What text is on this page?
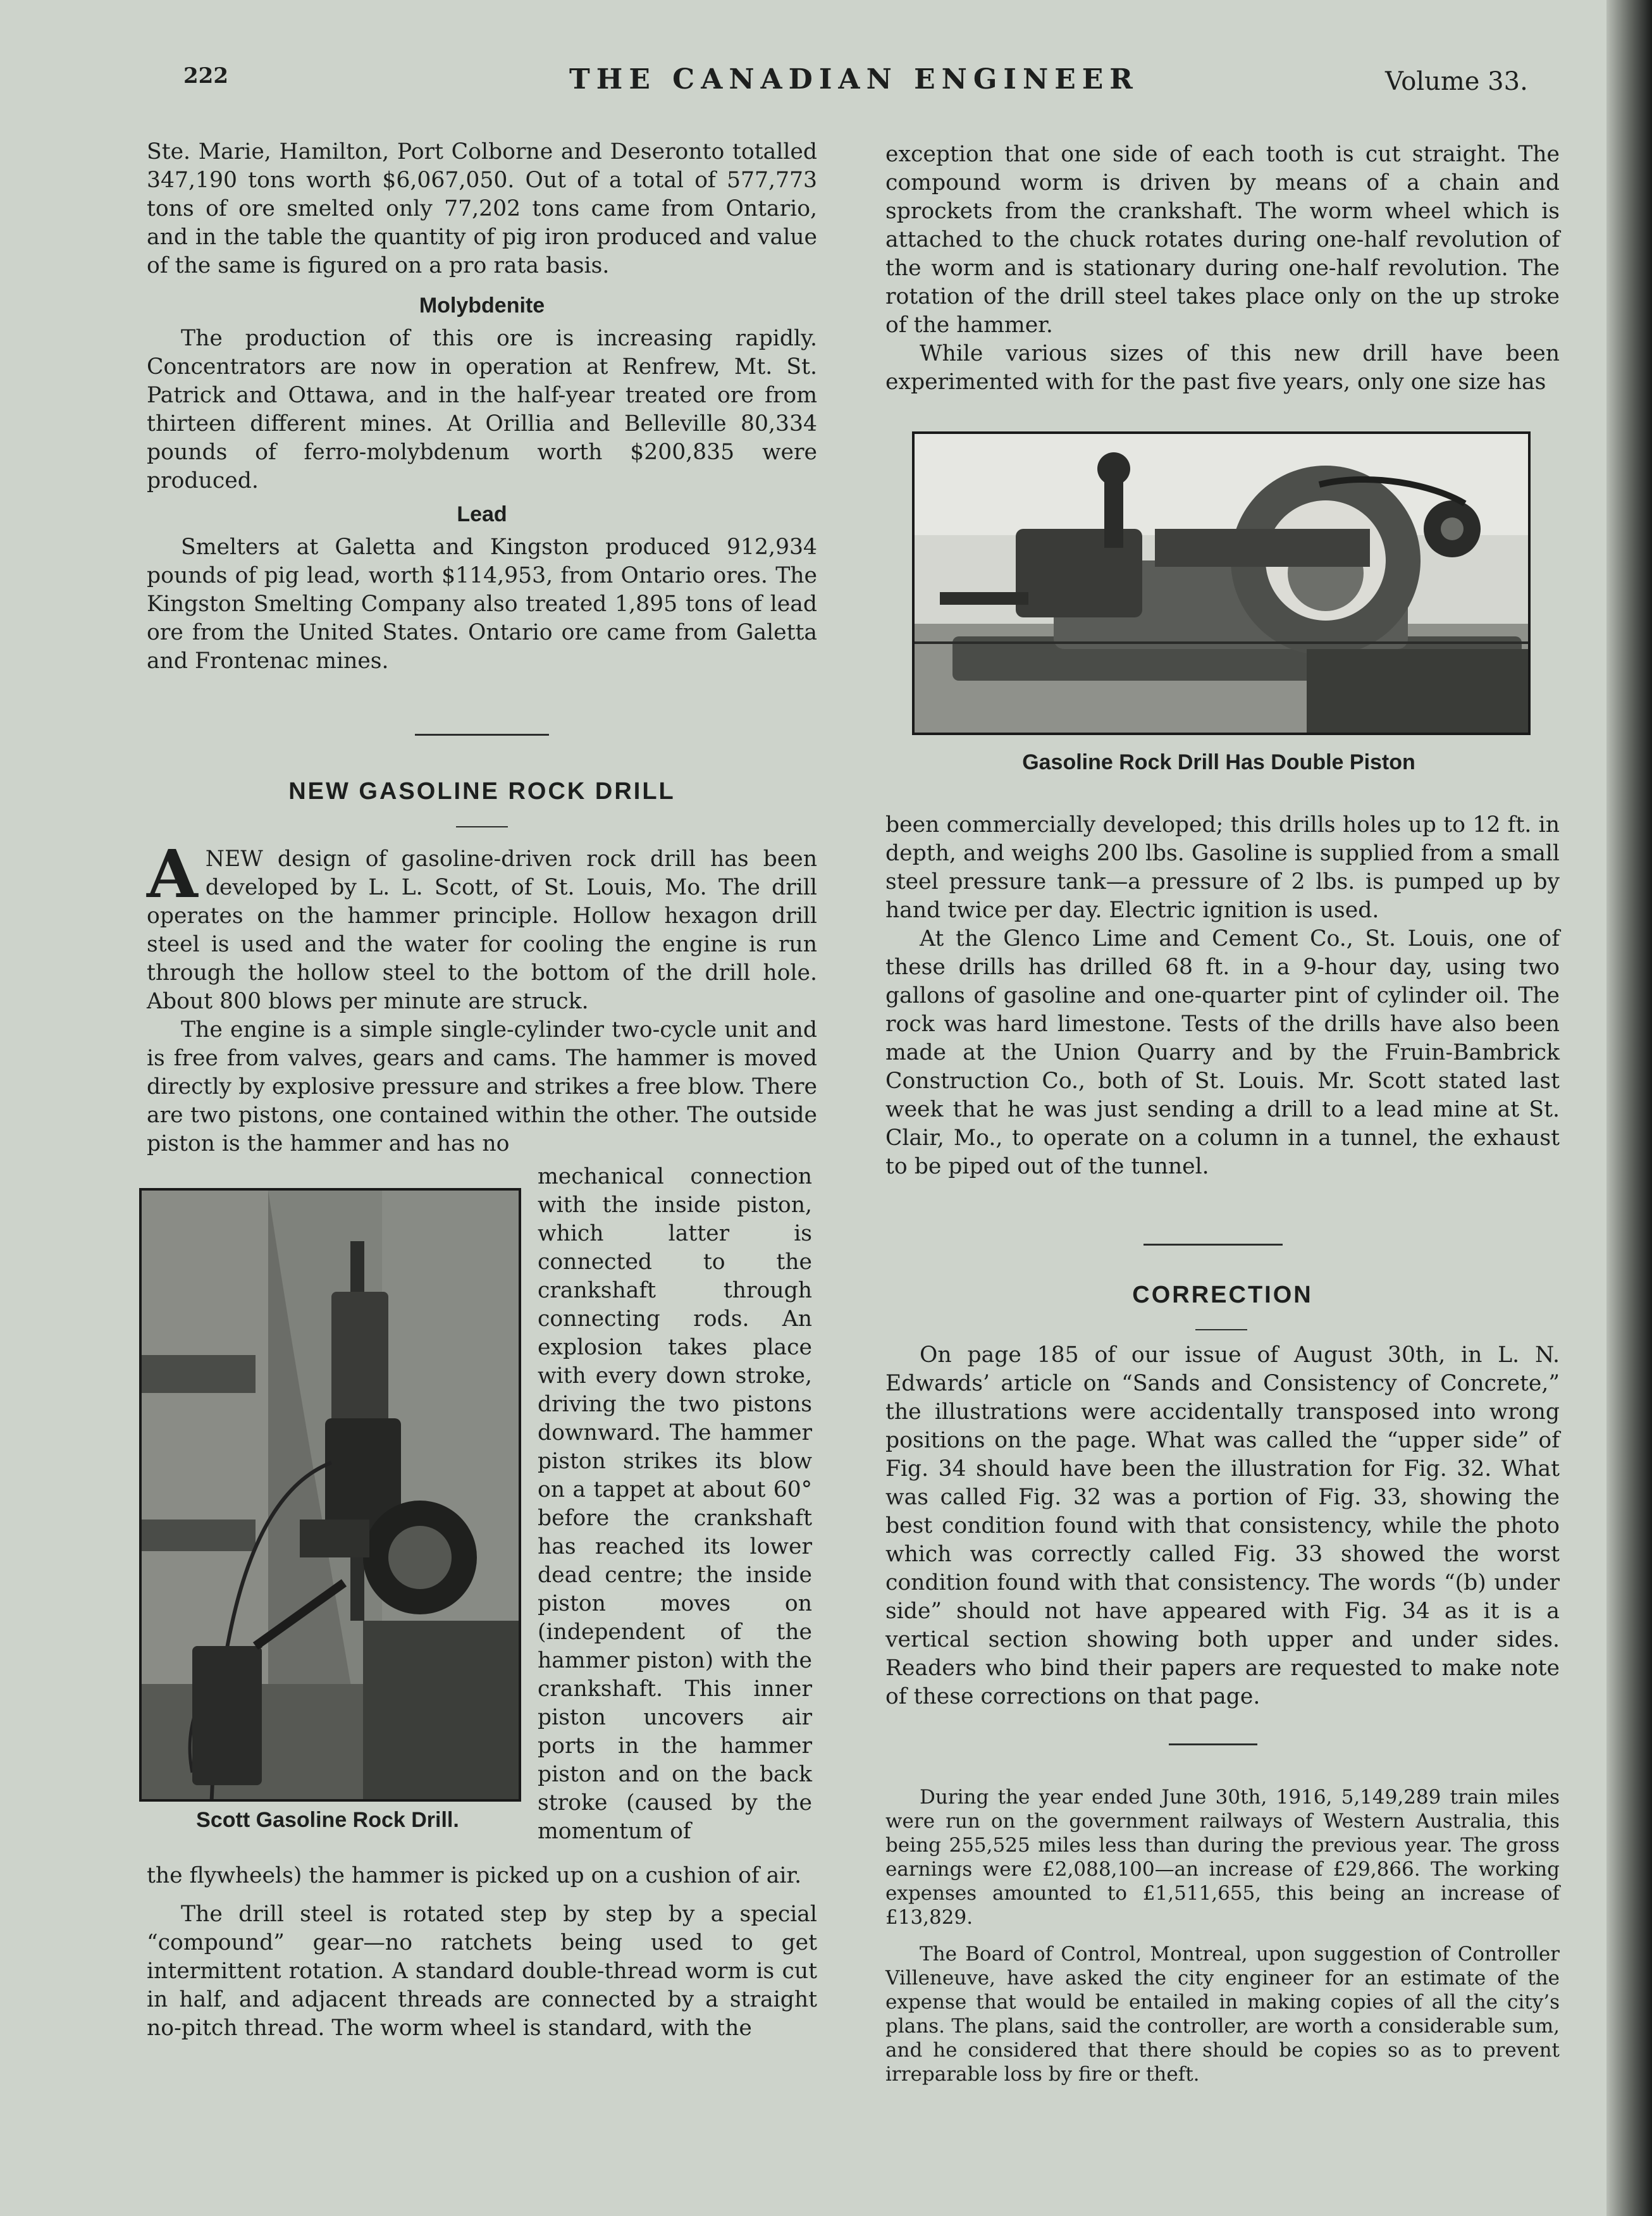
222	THE CANADIAN ENGINEER	Volume 33.

Ste. Marie, Hamilton, Port Colborne and Deseronto totalled 347,190 tons worth $6,067,050. Out of a total of 577,773 tons of ore smelted only 77,202 tons came from Ontario, and in the table the quantity of pig iron produced and value of the same is figured on a pro rata basis.

Molybdenite

The production of this ore is increasing rapidly. Concentrators are now in operation at Renfrew, Mt. St. Patrick and Ottawa, and in the half-year treated ore from thirteen different mines. At Orillia and Belleville 80,334 pounds of ferro-molybdenum worth $200,835 were produced.

Lead

Smelters at Galetta and Kingston produced 912,934 pounds of pig lead, worth $114,953, from Ontario ores. The Kingston Smelting Company also treated 1,895 tons of lead ore from the United States. Ontario ore came from Galetta and Frontenac mines.

NEW GASOLINE ROCK DRILL

ANEW design of gasoline-driven rock drill has been developed by L. L. Scott, of St. Louis, Mo. The drill operates on the hammer principle. Hollow hexagon drill steel is used and the water for cooling the engine is run through the hollow steel to the bottom of the drill hole. About 800 blows per minute are struck.

The engine is a simple single-cylinder two-cycle unit and is free from valves, gears and cams. The hammer is moved directly by explosive pressure and strikes a free blow. There are two pistons, one contained within the other. The outside piston is the hammer and has no

Scott Gasoline Rock Drill.

mechanical connection with the inside piston, which latter is connected to the crankshaft through connecting rods. An explosion takes place with every down stroke, driving the two pistons downward. The hammer piston strikes its blow on a tappet at about 60° before the crankshaft has reached its lower dead centre; the inside piston moves on (independent of the hammer piston) with the crankshaft. This inner piston uncovers air ports in the hammer piston and on the back stroke (caused by the momentum of

the flywheels) the hammer is picked up on a cushion of air.

The drill steel is rotated step by step by a special “compound” gear—no ratchets being used to get intermittent rotation. A standard double-thread worm is cut in half, and adjacent threads are connected by a straight no-pitch thread. The worm wheel is standard, with the

exception that one side of each tooth is cut straight. The compound worm is driven by means of a chain and sprockets from the crankshaft. The worm wheel which is attached to the chuck rotates during one-half revolution of the worm and is stationary during one-half revolution. The rotation of the drill steel takes place only on the up stroke of the hammer.

While various sizes of this new drill have been experimented with for the past five years, only one size has

Gasoline Rock Drill Has Double Piston

been commercially developed; this drills holes up to 12 ft. in depth, and weighs 200 lbs. Gasoline is supplied from a small steel pressure tank—a pressure of 2 lbs. is pumped up by hand twice per day. Electric ignition is used.

At the Glenco Lime and Cement Co., St. Louis, one of these drills has drilled 68 ft. in a 9-hour day, using two gallons of gasoline and one-quarter pint of cylinder oil. The rock was hard limestone. Tests of the drills have also been made at the Union Quarry and by the Fruin-Bambrick Construction Co., both of St. Louis. Mr. Scott stated last week that he was just sending a drill to a lead mine at St. Clair, Mo., to operate on a column in a tunnel, the exhaust to be piped out of the tunnel.

CORRECTION

On page 185 of our issue of August 30th, in L. N. Edwards’ article on “Sands and Consistency of Concrete,” the illustrations were accidentally transposed into wrong positions on the page. What was called the “upper side” of Fig. 34 should have been the illustration for Fig. 32. What was called Fig. 32 was a portion of Fig. 33, showing the best condition found with that consistency, while the photo which was correctly called Fig. 33 showed the worst condition found with that consistency. The words “(b) under side” should not have appeared with Fig. 34 as it is a vertical section showing both upper and under sides. Readers who bind their papers are requested to make note of these corrections on that page.

During the year ended June 30th, 1916, 5,149,289 train miles were run on the government railways of Western Australia, this being 255,525 miles less than during the previous year. The gross earnings were £2,088,100—an increase of £29,866. The working expenses amounted to £1,511,655, this being an increase of £13,829.

The Board of Control, Montreal, upon suggestion of Controller Villeneuve, have asked the city engineer for an estimate of the expense that would be entailed in making copies of all the city’s plans. The plans, said the controller, are worth a considerable sum, and he considered that there should be copies so as to prevent irreparable loss by fire or theft.
